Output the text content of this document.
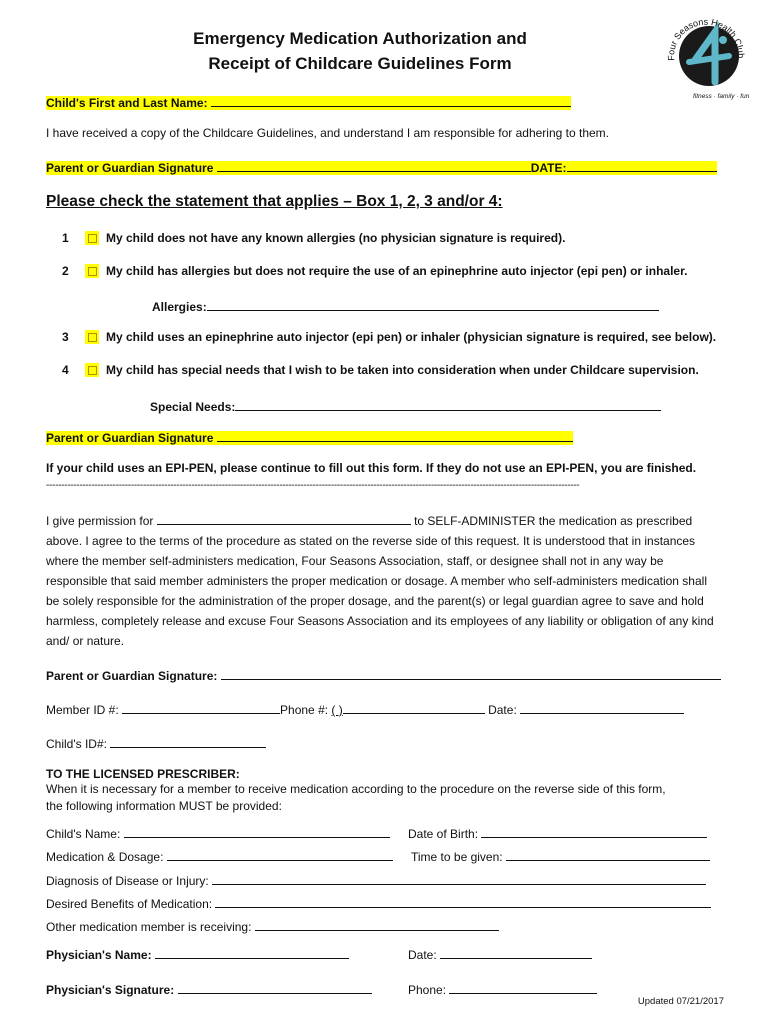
Emergency Medication Authorization and
Receipt of Childcare Guidelines Form	Four Seasons Health Club
fitness · family · fun
Child's First and Last Name:
I have received a copy of the Childcare Guidelines, and understand I am responsible for adhering to them.
Parent or Guardian Signature	DATE:
Please check the statement that applies – Box 1, 2, 3 and/or 4:
1	My child does not have any known allergies (no physician signature is required).
2	My child has allergies but does not require the use of an epinephrine auto injector (epi pen) or inhaler.
Allergies:
3	My child uses an epinephrine auto injector (epi pen) or inhaler (physician signature is required, see below).
4	My child has special needs that I wish to be taken into consideration when under Childcare supervision.
Special Needs:
Parent or Guardian Signature
If your child uses an EPI-PEN, please continue to fill out this form. If they do not use an EPI-PEN, you are finished.
--------------------------------------------------------------------------------------------------------------------------------------------------------------------------------
I give permission for	to SELF-ADMINISTER the medication as prescribed above. I agree to the terms of the procedure as stated on the reverse side of this request. It is understood that in instances where the member self-administers medication, Four Seasons Association, staff, or designee shall not in any way be responsible that said member administers the proper medication or dosage. A member who self-administers medication shall be solely responsible for the administration of the proper dosage, and the parent(s) or legal guardian agree to save and hold harmless, completely release and excuse Four Seasons Association and its employees of any liability or obligation of any kind and/ or nature.
Parent or Guardian Signature:
Member ID #:	Phone #: ( )	Date:
Child's ID#:
TO THE LICENSED PRESCRIBER:
When it is necessary for a member to receive medication according to the procedure on the reverse side of this form,
the following information MUST be provided:
Child's Name:	Date of Birth:
Medication & Dosage:	Time to be given:
Diagnosis of Disease or Injury:
Desired Benefits of Medication:
Other medication member is receiving:
Physician's Name:	Date:
Physician's Signature:	Phone:
Updated 07/21/2017
